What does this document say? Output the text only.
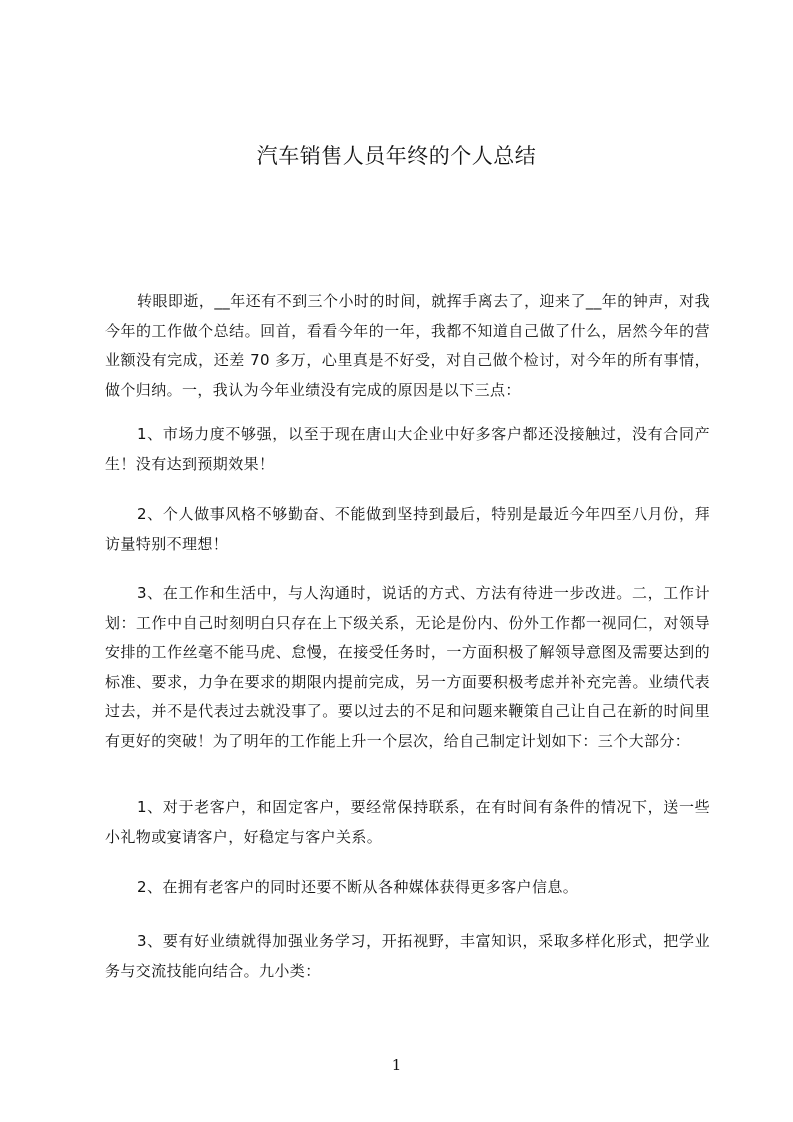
汽车销售人员年终的个人总结

转眼即逝，__年还有不到三个小时的时间，就挥手离去了，迎来了__年的钟声，对我今年的工作做个总结。回首，看看今年的一年，我都不知道自己做了什么，居然今年的营业额没有完成，还差 70 多万，心里真是不好受，对自己做个检讨，对今年的所有事情，做个归纳。一，我认为今年业绩没有完成的原因是以下三点：

1、市场力度不够强，以至于现在唐山大企业中好多客户都还没接触过，没有合同产生！没有达到预期效果！

2、个人做事风格不够勤奋、不能做到坚持到最后，特别是最近今年四至八月份，拜访量特别不理想！

3、在工作和生活中，与人沟通时，说话的方式、方法有待进一步改进。二，工作计划：工作中自己时刻明白只存在上下级关系，无论是份内、份外工作都一视同仁，对领导安排的工作丝毫不能马虎、怠慢，在接受任务时，一方面积极了解领导意图及需要达到的标准、要求，力争在要求的期限内提前完成，另一方面要积极考虑并补充完善。业绩代表过去，并不是代表过去就没事了。要以过去的不足和问题来鞭策自己让自己在新的时间里有更好的突破！为了明年的工作能上升一个层次，给自己制定计划如下：三个大部分：

1、对于老客户，和固定客户，要经常保持联系，在有时间有条件的情况下，送一些小礼物或宴请客户，好稳定与客户关系。

2、在拥有老客户的同时还要不断从各种媒体获得更多客户信息。

3、要有好业绩就得加强业务学习，开拓视野，丰富知识，采取多样化形式，把学业务与交流技能向结合。九小类：

1
